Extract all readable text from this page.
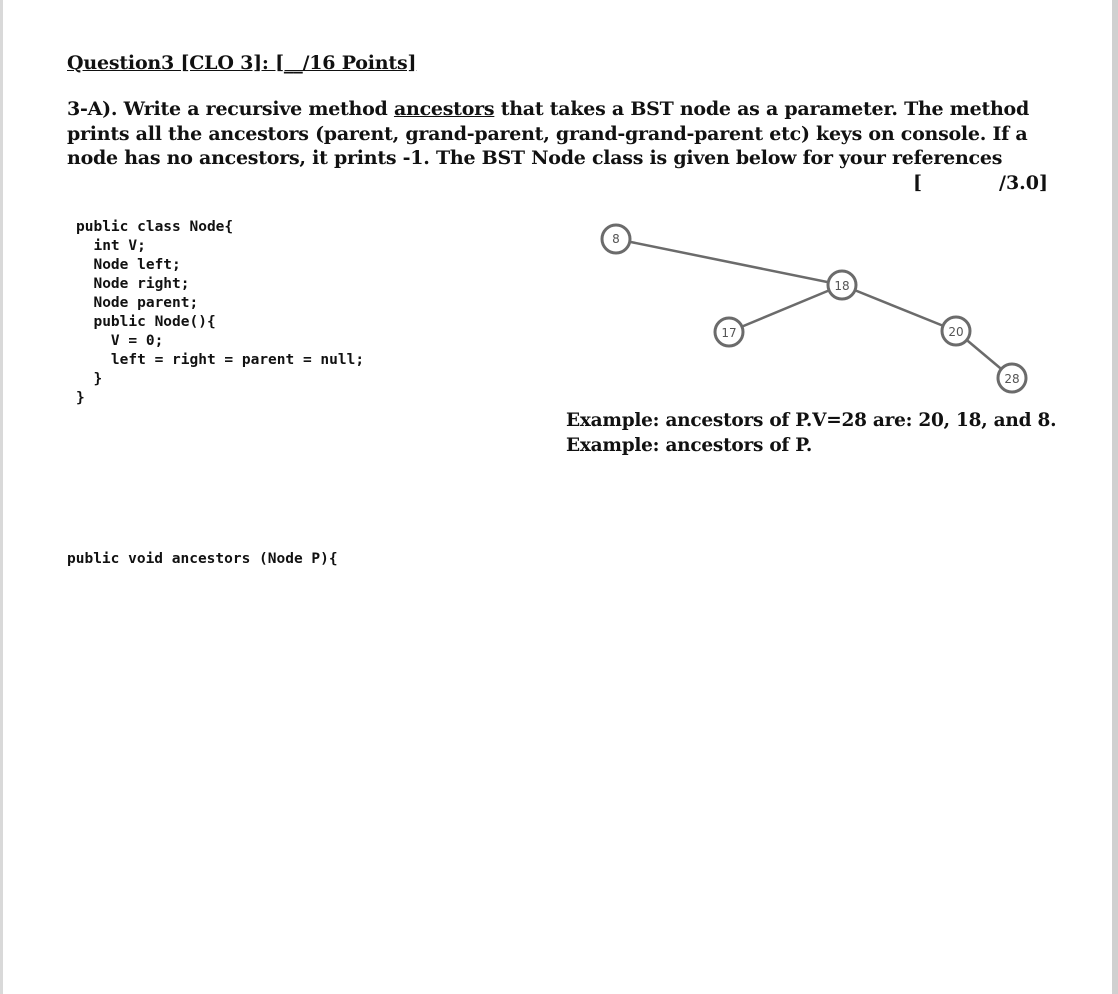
Question3 [CLO 3]: [__/16 Points]
3-A). Write a recursive method ancestors that takes a BST node as a parameter. The method prints all the ancestors (parent, grand-parent, grand-grand-parent etc) keys on console. If a node has no ancestors, it prints -1. The BST Node class is given below for your references
[	/3.0]
public class Node{
int V;
Node left;
Node right;
Node parent;
public Node(){
V = 0;
left = right = parent = null;
}
}
8
18
17	20
28
Example: ancestors of P.V=28 are: 20, 18, and 8.
Example: ancestors of P.
public void ancestors (Node P){
